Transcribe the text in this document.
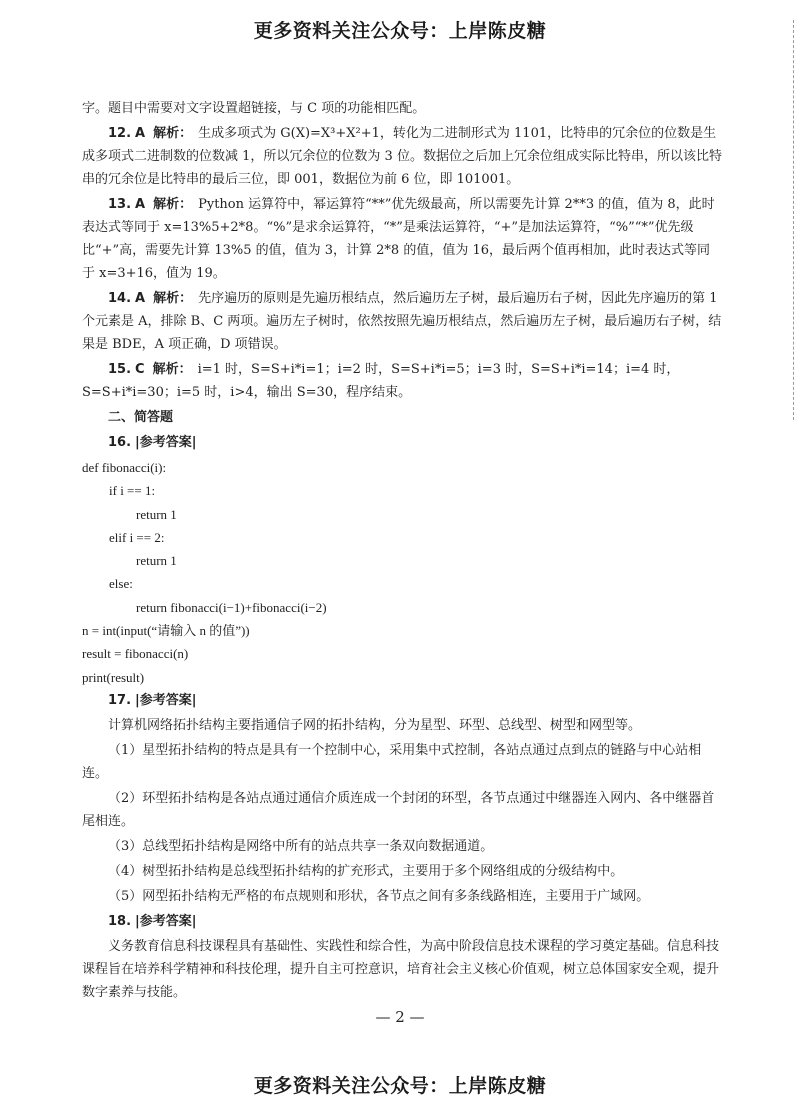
更多资料关注公众号：上岸陈皮糖

字。题目中需要对文字设置超链接，与 C 项的功能相匹配。

12. A 解析： 生成多项式为 G(X)=X³+X²+1，转化为二进制形式为 1101，比特串的冗余位的位数是生成多项式二进制数的位数减 1，所以冗余位的位数为 3 位。数据位之后加上冗余位组成实际比特串，所以该比特串的冗余位是比特串的最后三位，即 001，数据位为前 6 位，即 101001。

13. A 解析： Python 运算符中，幂运算符“**”优先级最高，所以需要先计算 2**3 的值，值为 8，此时表达式等同于 x=13%5+2*8。“%”是求余运算符，“*”是乘法运算符，“+”是加法运算符，“%”“*”优先级比“+”高，需要先计算 13%5 的值，值为 3，计算 2*8 的值，值为 16，最后两个值再相加，此时表达式等同于 x=3+16，值为 19。

14. A 解析： 先序遍历的原则是先遍历根结点，然后遍历左子树，最后遍历右子树，因此先序遍历的第 1 个元素是 A，排除 B、C 两项。遍历左子树时，依然按照先遍历根结点，然后遍历左子树，最后遍历右子树，结果是 BDE，A 项正确，D 项错误。

15. C 解析： i=1 时，S=S+i*i=1；i=2 时，S=S+i*i=5；i=3 时，S=S+i*i=14；i=4 时，S=S+i*i=30；i=5 时，i>4，输出 S=30，程序结束。

二、简答题

16. |参考答案|

def fibonacci(i):
if i == 1:
return 1
elif i == 2:
return 1
else:
return fibonacci(i−1)+fibonacci(i−2)
n = int(input(“请输入 n 的值”))
result = fibonacci(n)
print(result)

17. |参考答案|

计算机网络拓扑结构主要指通信子网的拓扑结构，分为星型、环型、总线型、树型和网型等。

（1）星型拓扑结构的特点是具有一个控制中心，采用集中式控制，各站点通过点到点的链路与中心站相连。

（2）环型拓扑结构是各站点通过通信介质连成一个封闭的环型，各节点通过中继器连入网内、各中继器首尾相连。

（3）总线型拓扑结构是网络中所有的站点共享一条双向数据通道。

（4）树型拓扑结构是总线型拓扑结构的扩充形式，主要用于多个网络组成的分级结构中。

（5）网型拓扑结构无严格的布点规则和形状，各节点之间有多条线路相连，主要用于广域网。

18. |参考答案|

义务教育信息科技课程具有基础性、实践性和综合性，为高中阶段信息技术课程的学习奠定基础。信息科技课程旨在培养科学精神和科技伦理，提升自主可控意识，培育社会主义核心价值观，树立总体国家安全观，提升数字素养与技能。

— 2 —
更多资料关注公众号：上岸陈皮糖
